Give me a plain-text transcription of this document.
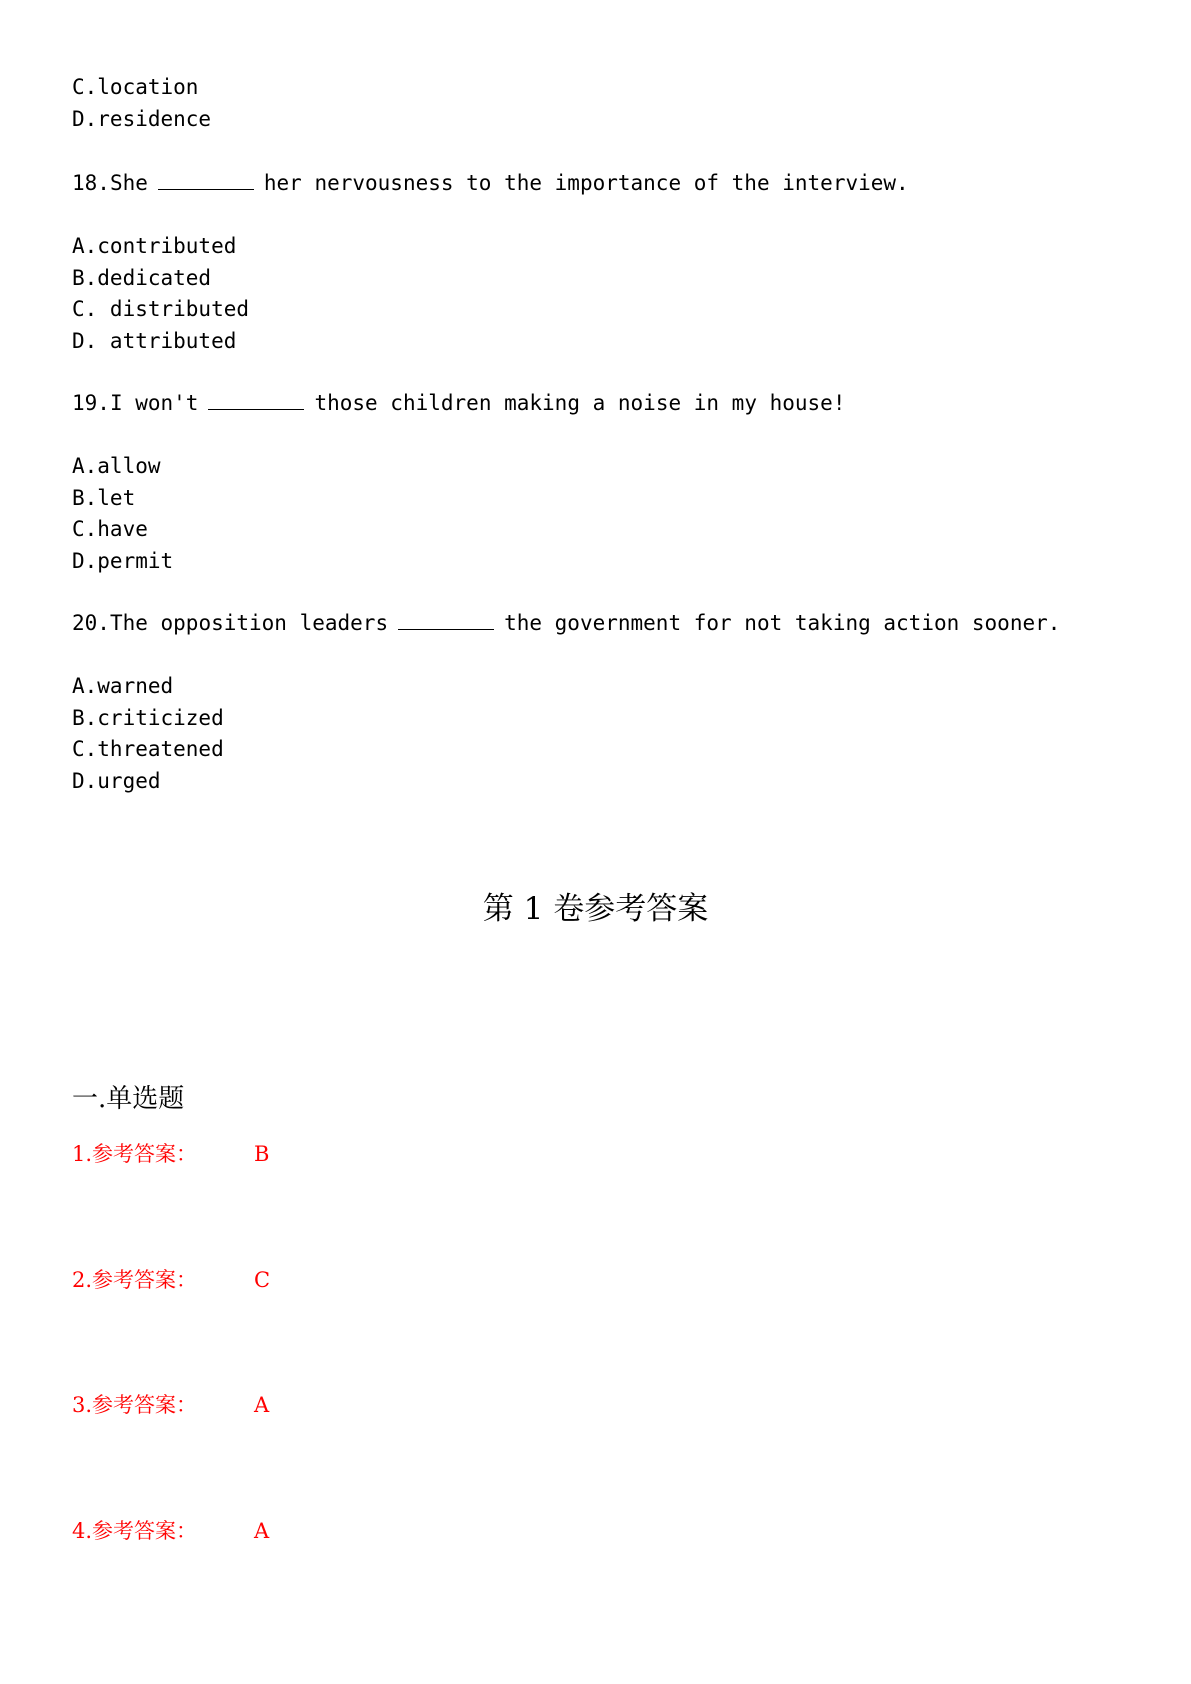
C.location
D.residence
18.She	her nervousness to the importance of the interview.
A.contributed
B.dedicated
C. distributed
D. attributed
19.I won't	those children making a noise in my house!
A.allow
B.let
C.have
D.permit
20.The opposition leaders	the government for not taking action sooner.
A.warned
B.criticized
C.threatened
D.urged
第 1 卷参考答案
一.单选题
1.参考答案：	B
2.参考答案：	C
3.参考答案：	A
4.参考答案：	A
